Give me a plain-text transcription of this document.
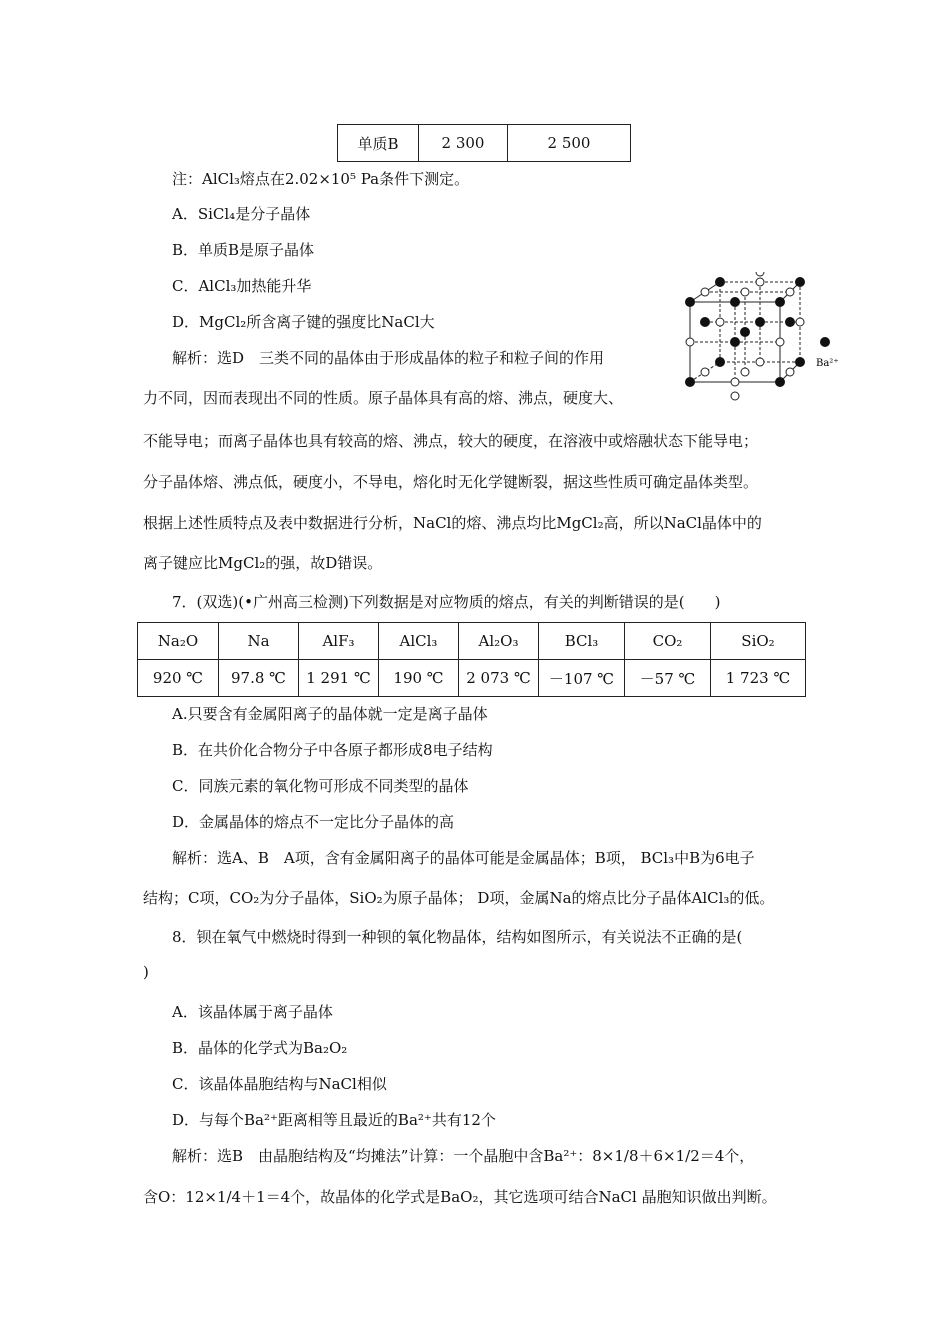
单质B	2 300	2 500
注：AlCl₃熔点在2.02×10⁵ Pa条件下测定。
A．SiCl₄是分子晶体
B．单质B是原子晶体
C．AlCl₃加热能升华
D．MgCl₂所含离子键的强度比NaCl大
解析：选D　三类不同的晶体由于形成晶体的粒子和粒子间的作用
力不同，因而表现出不同的性质。原子晶体具有高的熔、沸点，硬度大、
不能导电；而离子晶体也具有较高的熔、沸点，较大的硬度，在溶液中或熔融状态下能导电；
分子晶体熔、沸点低，硬度小，不导电，熔化时无化学键断裂，据这些性质可确定晶体类型。
根据上述性质特点及表中数据进行分析，NaCl的熔、沸点均比MgCl₂高，所以NaCl晶体中的
离子键应比MgCl₂的强，故D错误。
Ba²⁺
7．(双选)(•广州高三检测)下列数据是对应物质的熔点，有关的判断错误的是(　　)
Na₂O	Na	AlF₃	AlCl₃	Al₂O₃	BCl₃	CO₂	SiO₂
920 ℃	97.8 ℃	1 291 ℃	190 ℃	2 073 ℃	－107 ℃	－57 ℃	1 723 ℃
A.只要含有金属阳离子的晶体就一定是离子晶体
B．在共价化合物分子中各原子都形成8电子结构
C．同族元素的氧化物可形成不同类型的晶体
D．金属晶体的熔点不一定比分子晶体的高
解析：选A、B　A项，含有金属阳离子的晶体可能是金属晶体；B项， BCl₃中B为6电子
结构；C项，CO₂为分子晶体，SiO₂为原子晶体； D项，金属Na的熔点比分子晶体AlCl₃的低。
8．钡在氧气中燃烧时得到一种钡的氧化物晶体，结构如图所示，有关说法不正确的是(
)
A．该晶体属于离子晶体
B．晶体的化学式为Ba₂O₂
C．该晶体晶胞结构与NaCl相似
D．与每个Ba²⁺距离相等且最近的Ba²⁺共有12个
解析：选B　由晶胞结构及“均摊法”计算：一个晶胞中含Ba²⁺：8×1/8＋6×1/2＝4个，
含O：12×1/4＋1＝4个，故晶体的化学式是BaO₂，其它选项可结合NaCl 晶胞知识做出判断。
